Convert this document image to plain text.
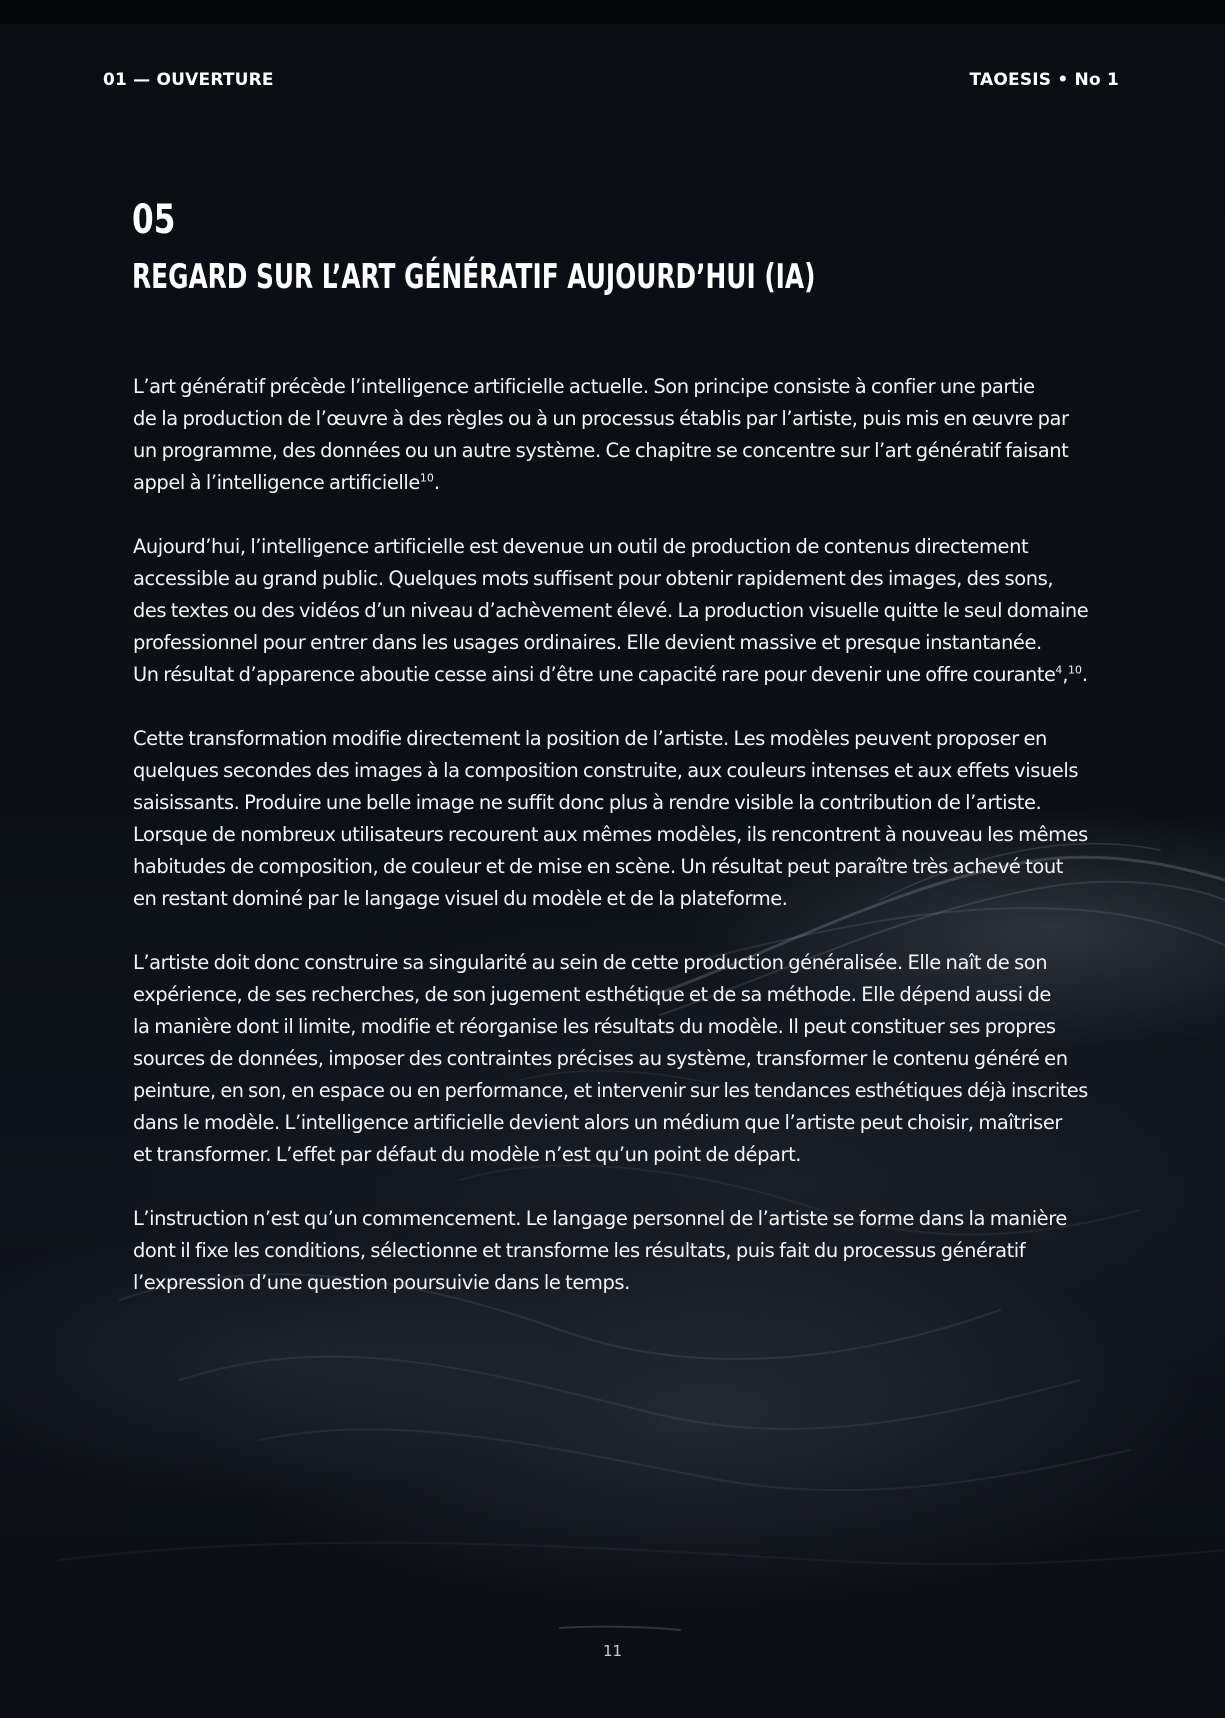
01 — OUVERTURE	TAOESIS • No 1
05
REGARD SUR L’ART GÉNÉRATIF AUJOURD’HUI (IA)

L’art génératif précède l’intelligence artificielle actuelle. Son principe consiste à confier une partie
de la production de l’œuvre à des règles ou à un processus établis par l’artiste, puis mis en œuvre par
un programme, des données ou un autre système. Ce chapitre se concentre sur l’art génératif faisant
appel à l’intelligence artificielle$^{10}$.

Aujourd’hui, l’intelligence artificielle est devenue un outil de production de contenus directement
accessible au grand public. Quelques mots suffisent pour obtenir rapidement des images, des sons,
des textes ou des vidéos d’un niveau d’achèvement élevé. La production visuelle quitte le seul domaine
professionnel pour entrer dans les usages ordinaires. Elle devient massive et presque instantanée.
Un résultat d’apparence aboutie cesse ainsi d’être une capacité rare pour devenir une offre courante$^4$,$^{10}$.

Cette transformation modifie directement la position de l’artiste. Les modèles peuvent proposer en
quelques secondes des images à la composition construite, aux couleurs intenses et aux effets visuels
saisissants. Produire une belle image ne suffit donc plus à rendre visible la contribution de l’artiste.
Lorsque de nombreux utilisateurs recourent aux mêmes modèles, ils rencontrent à nouveau les mêmes
habitudes de composition, de couleur et de mise en scène. Un résultat peut paraître très achevé tout
en restant dominé par le langage visuel du modèle et de la plateforme.

L’artiste doit donc construire sa singularité au sein de cette production généralisée. Elle naît de son
expérience, de ses recherches, de son jugement esthétique et de sa méthode. Elle dépend aussi de
la manière dont il limite, modifie et réorganise les résultats du modèle. Il peut constituer ses propres
sources de données, imposer des contraintes précises au système, transformer le contenu généré en
peinture, en son, en espace ou en performance, et intervenir sur les tendances esthétiques déjà inscrites
dans le modèle. L’intelligence artificielle devient alors un médium que l’artiste peut choisir, maîtriser
et transformer. L’effet par défaut du modèle n’est qu’un point de départ.

L’instruction n’est qu’un commencement. Le langage personnel de l’artiste se forme dans la manière
dont il fixe les conditions, sélectionne et transforme les résultats, puis fait du processus génératif
l’expression d’une question poursuivie dans le temps.

11
